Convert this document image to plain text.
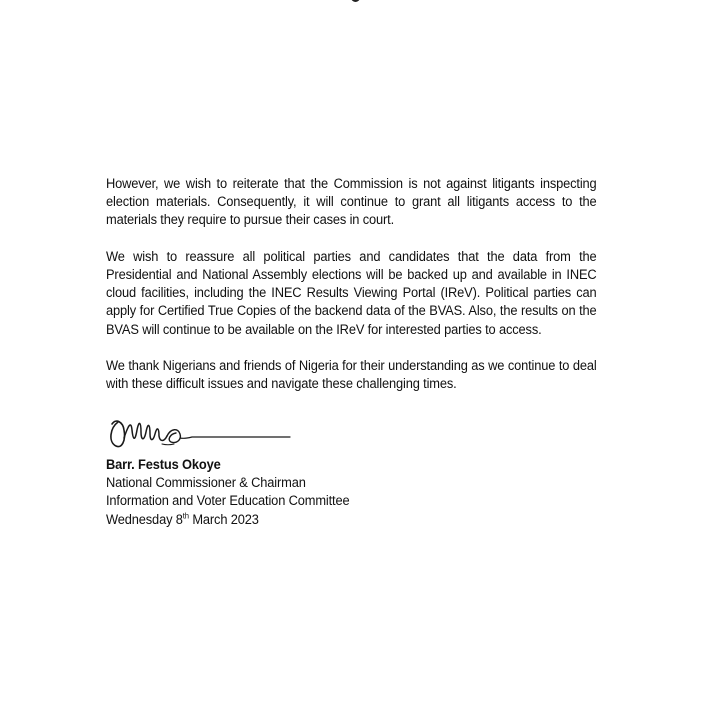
However, we wish to reiterate that the Commission is not against litigants inspecting election materials. Consequently, it will continue to grant all litigants access to the materials they require to pursue their cases in court.

We wish to reassure all political parties and candidates that the data from the Presidential and National Assembly elections will be backed up and available in INEC cloud facilities, including the INEC Results Viewing Portal (IReV). Political parties can apply for Certified True Copies of the backend data of the BVAS. Also, the results on the BVAS will continue to be available on the IReV for interested parties to access.

We thank Nigerians and friends of Nigeria for their understanding as we continue to deal with these difficult issues and navigate these challenging times.

Barr. Festus Okoye
National Commissioner & Chairman
Information and Voter Education Committee
Wednesday 8th March 2023
